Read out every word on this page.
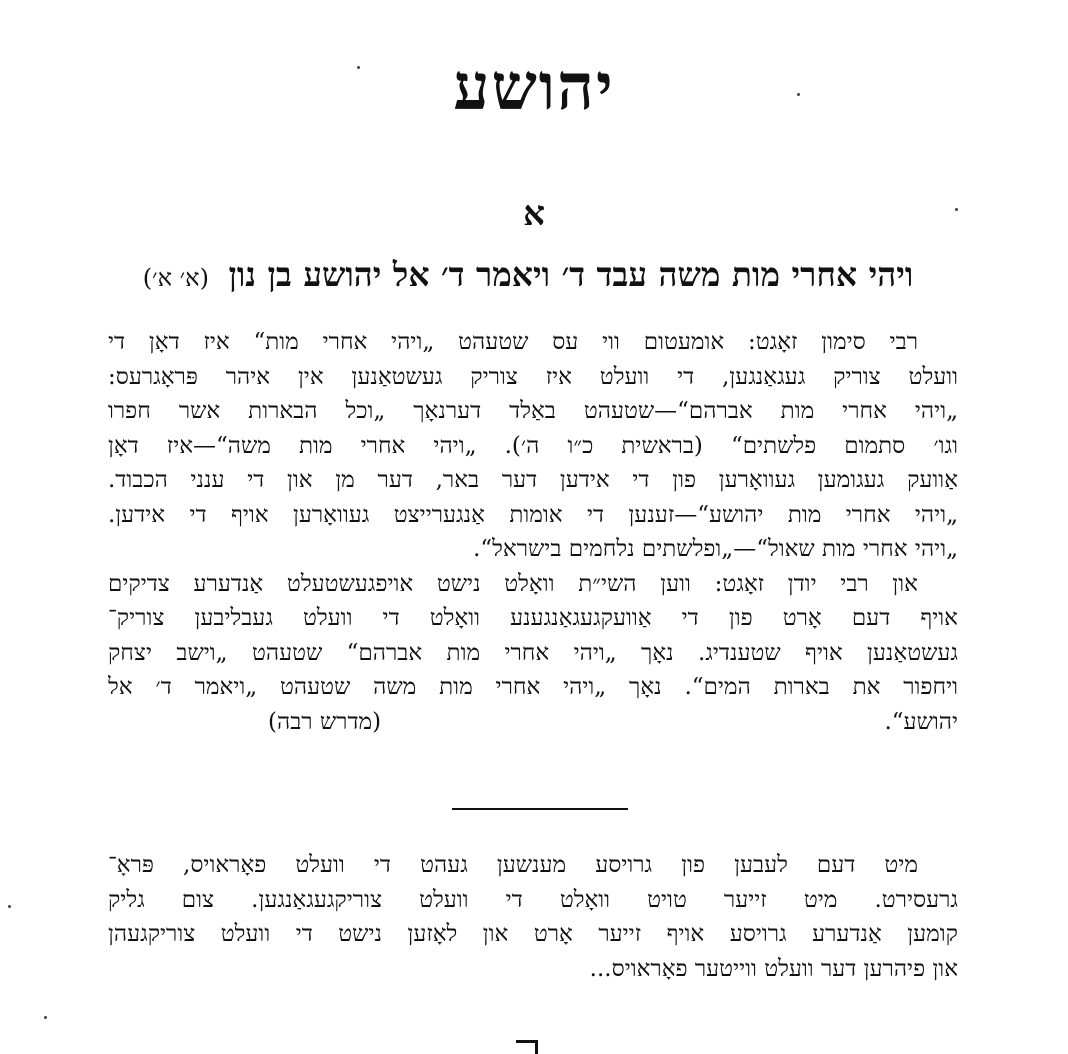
יהושע
א
ויהי אחרי מות משה עבד ד׳ ויאמר ד׳ אל יהושע בן נון (א׳ א׳)
רבי סימון זאָגט: אומעטום ווי עס שטעהט „ויהי אחרי מות“ איז דאָן די
וועלט צוריק געגאַנגען, די וועלט איז צוריק געשטאַנען אין איהר פּראָגרעס:
„ויהי אחרי מות אברהם“—שטעהט באַלד דערנאָך „וכל הבארות אשר חפרו
וגו׳ סתמום פלשתים“ (בראשית כ״ו ה׳). „ויהי אחרי מות משה“—איז דאָן
אַוועק געגומען געוואָרען פון די אידען דער באר, דער מן און די ענני הכבוד.
„ויהי אחרי מות יהושע“—זענען די אומות אַנגערייצט געוואָרען אויף די אידען.
„ויהי אחרי מות שאול“—„ופלשתים נלחמים בישראל“.
און רבי יודן זאָגט: ווען השי״ת וואָלט נישט אויפגעשטעלט אַנדערע צדיקים
אויף דעם אָרט פון די אַוועקגעגאַנגענע וואָלט די וועלט געבליבען צוריק־
געשטאַנען אויף שטענדיג. נאָך „ויהי אחרי מות אברהם“ שטעהט „וישב יצחק
ויחפור את בארות המים“. נאָך „ויהי אחרי מות משה שטעהט „ויאמר ד׳ אל
יהושע“.
(מדרש רבה)
מיט דעם לעבען פון גרויסע מענשען געהט די וועלט פאָראויס, פּראָ־
גרעסירט. מיט זייער טויט וואָלט די וועלט צוריקגעגאַנגען. צום גליק
קומען אַנדערע גרויסע אויף זייער אָרט און לאָזען נישט די וועלט צוריקגעהן
און פיהרען דער וועלט ווייטער פאָראויס...
